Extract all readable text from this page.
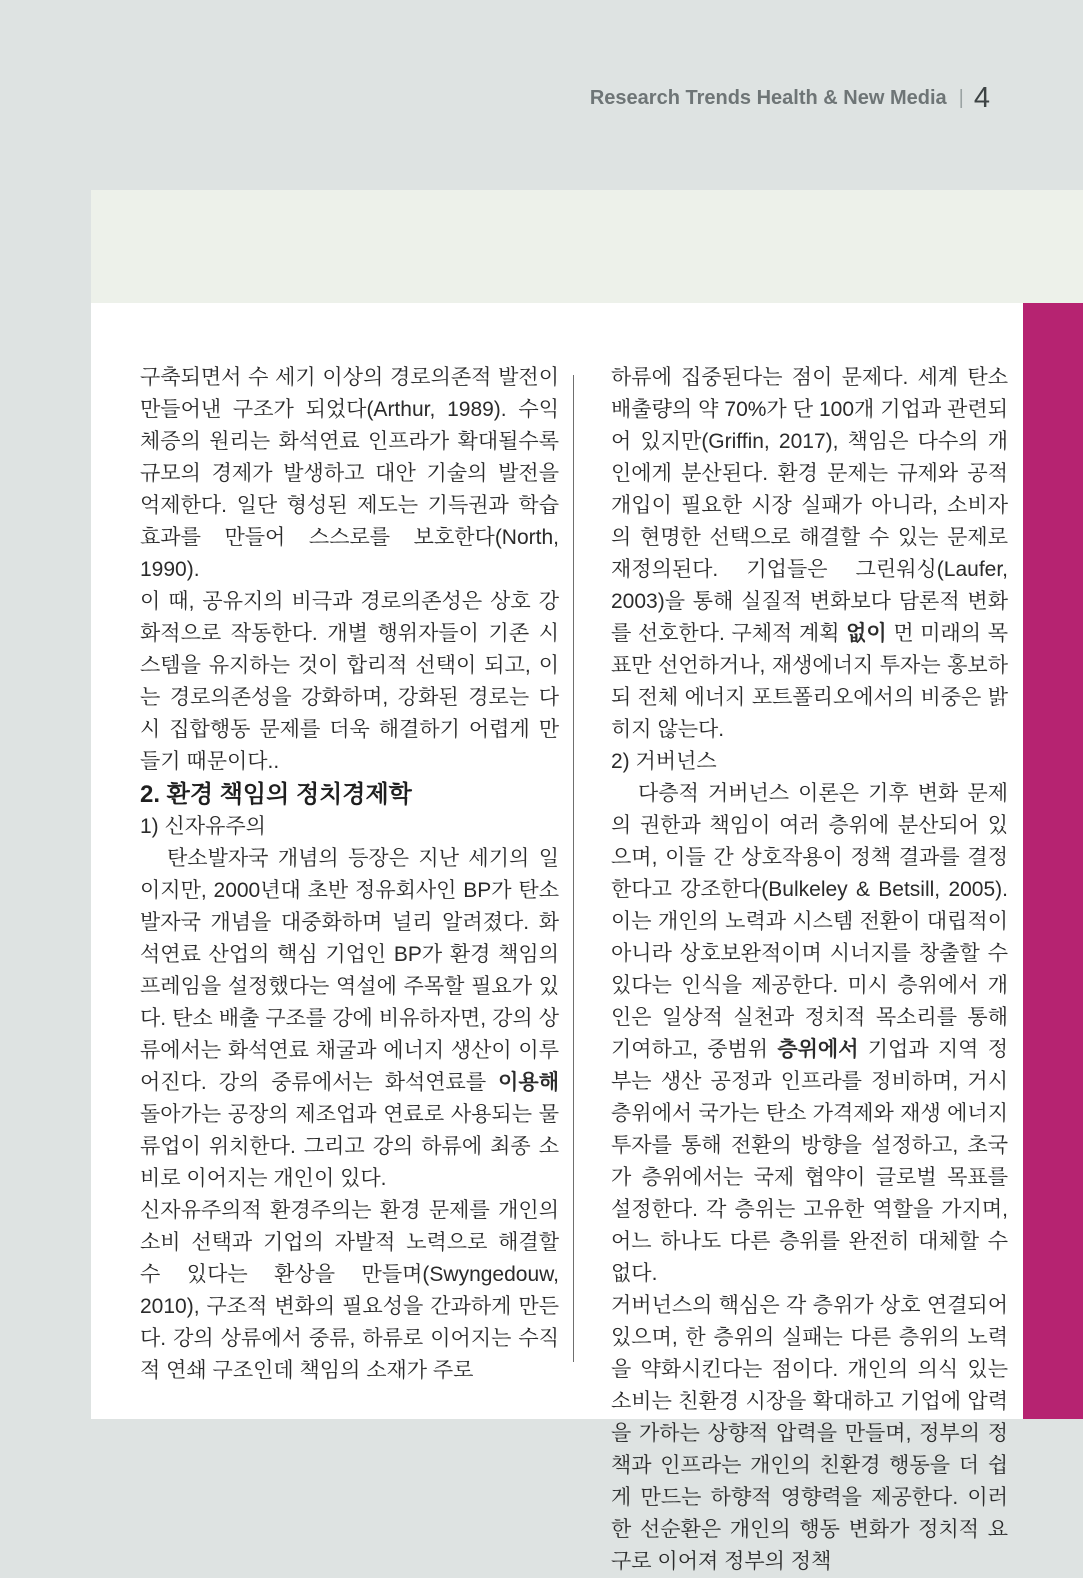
Research Trends Health & New Media | 4

구축되면서 수 세기 이상의 경로의존적 발전이 만들어낸 구조가 되었다(Arthur, 1989). 수익 체증의 원리는 화석연료 인프라가 확대될수록 규모의 경제가 발생하고 대안 기술의 발전을 억제한다. 일단 형성된 제도는 기득권과 학습 효과를 만들어 스스로를 보호한다(North, 1990).

이 때, 공유지의 비극과 경로의존성은 상호 강화적으로 작동한다. 개별 행위자들이 기존 시스템을 유지하는 것이 합리적 선택이 되고, 이는 경로의존성을 강화하며, 강화된 경로는 다시 집합행동 문제를 더욱 해결하기 어렵게 만들기 때문이다..

2. 환경 책임의 정치경제학
1) 신자유주의

탄소발자국 개념의 등장은 지난 세기의 일이지만, 2000년대 초반 정유회사인 BP가 탄소발자국 개념을 대중화하며 널리 알려졌다. 화석연료 산업의 핵심 기업인 BP가 환경 책임의 프레임을 설정했다는 역설에 주목할 필요가 있다. 탄소 배출 구조를 강에 비유하자면, 강의 상류에서는 화석연료 채굴과 에너지 생산이 이루어진다. 강의 중류에서는 화석연료를 이용해 돌아가는 공장의 제조업과 연료로 사용되는 물류업이 위치한다. 그리고 강의 하류에 최종 소비로 이어지는 개인이 있다.

신자유주의적 환경주의는 환경 문제를 개인의 소비 선택과 기업의 자발적 노력으로 해결할 수 있다는 환상을 만들며(Swyngedouw, 2010), 구조적 변화의 필요성을 간과하게 만든다. 강의 상류에서 중류, 하류로 이어지는 수직적 연쇄 구조인데 책임의 소재가 주로

하류에 집중된다는 점이 문제다. 세계 탄소 배출량의 약 70%가 단 100개 기업과 관련되어 있지만(Griffin, 2017), 책임은 다수의 개인에게 분산된다. 환경 문제는 규제와 공적 개입이 필요한 시장 실패가 아니라, 소비자의 현명한 선택으로 해결할 수 있는 문제로 재정의된다. 기업들은 그린워싱(Laufer, 2003)을 통해 실질적 변화보다 담론적 변화를 선호한다. 구체적 계획 없이 먼 미래의 목표만 선언하거나, 재생에너지 투자는 홍보하되 전체 에너지 포트폴리오에서의 비중은 밝히지 않는다.

2) 거버넌스

다층적 거버넌스 이론은 기후 변화 문제의 권한과 책임이 여러 층위에 분산되어 있으며, 이들 간 상호작용이 정책 결과를 결정한다고 강조한다(Bulkeley & Betsill, 2005). 이는 개인의 노력과 시스템 전환이 대립적이 아니라 상호보완적이며 시너지를 창출할 수 있다는 인식을 제공한다. 미시 층위에서 개인은 일상적 실천과 정치적 목소리를 통해 기여하고, 중범위 층위에서 기업과 지역 정부는 생산 공정과 인프라를 정비하며, 거시 층위에서 국가는 탄소 가격제와 재생 에너지 투자를 통해 전환의 방향을 설정하고, 초국가 층위에서는 국제 협약이 글로벌 목표를 설정한다. 각 층위는 고유한 역할을 가지며, 어느 하나도 다른 층위를 완전히 대체할 수 없다.

거버넌스의 핵심은 각 층위가 상호 연결되어 있으며, 한 층위의 실패는 다른 층위의 노력을 약화시킨다는 점이다. 개인의 의식 있는 소비는 친환경 시장을 확대하고 기업에 압력을 가하는 상향적 압력을 만들며, 정부의 정책과 인프라는 개인의 친환경 행동을 더 쉽게 만드는 하향적 영향력을 제공한다. 이러한 선순환은 개인의 행동 변화가 정치적 요구로 이어져 정부의 정책
